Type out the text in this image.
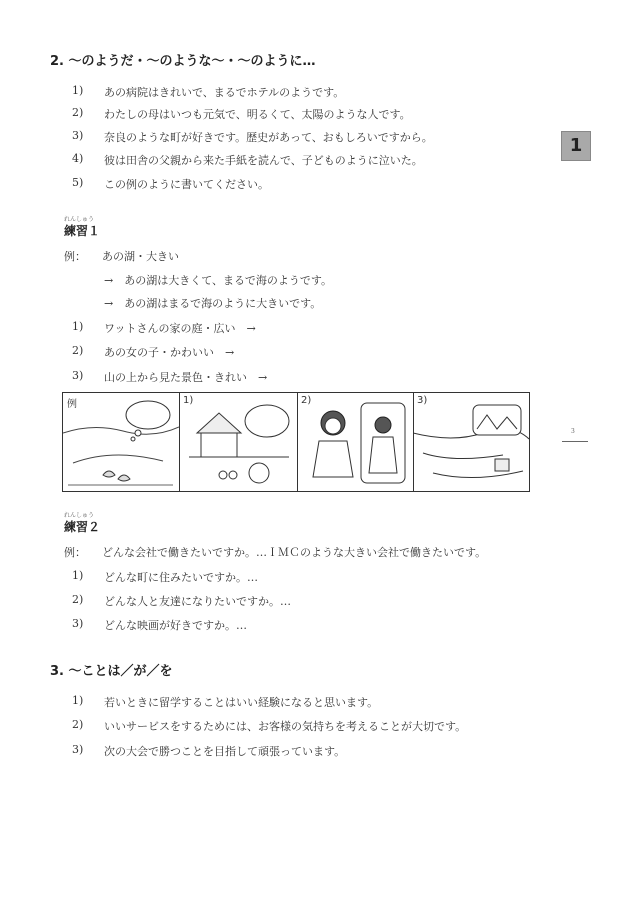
2. ～のようだ・～のような～・～のように…
1) あの病院はきれいで、まるでホテルのようです。
2) わたしの母はいつも元気で、明るくて、太陽のような人です。
3) 奈良のような町が好きです。歴史があって、おもしろいですから。
4) 彼は田舎の父親から来た手紙を読んで、子どものように泣いた。
5) この例のように書いてください。
1
れんしゅう
練習１
例： あの湖・大きい
→　あの湖は大きくて、まるで海のようです。
→　あの湖はまるで海のように大きいです。
1) ワットさんの家の庭・広い　→
2) あの女の子・かわいい　→
3) 山の上から見た景色・きれい　→
例	1)	2)	3)
3
れんしゅう
練習２
例： どんな会社で働きたいですか。…ＩＭＣのような大きい会社で働きたいです。
1) どんな町に住みたいですか。…
2) どんな人と友達になりたいですか。…
3) どんな映画が好きですか。…
3. ～ことは／が／を
1) 若いときに留学することはいい経験になると思います。
2) いいサービスをするためには、お客様の気持ちを考えることが大切です。
3) 次の大会で勝つことを目指して頑張っています。
